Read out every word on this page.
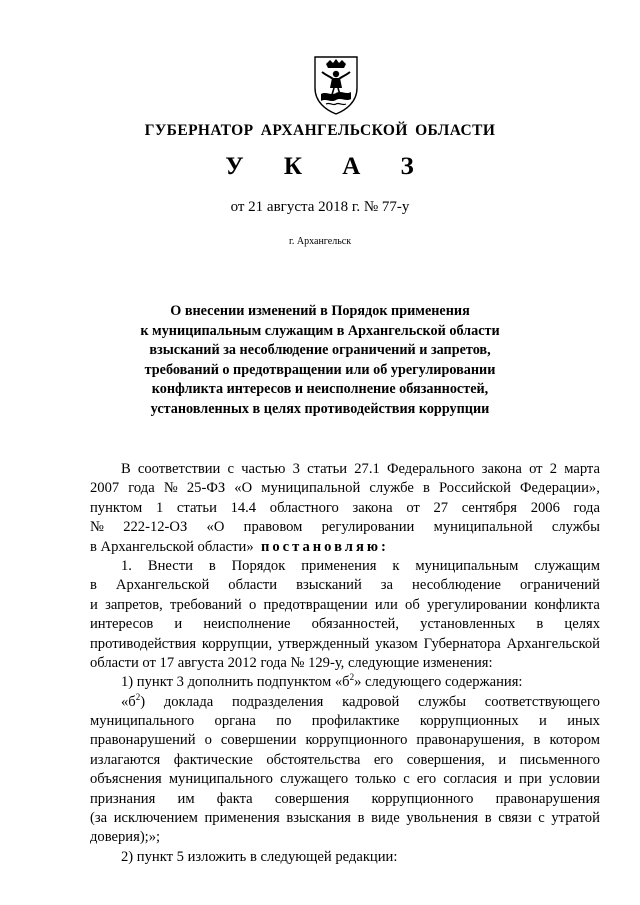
ГУБЕРНАТОР АРХАНГЕЛЬСКОЙ ОБЛАСТИ
У К А З
от 21 августа 2018 г. № 77-у
г. Архангельск
О внесении изменений в Порядок применения
к муниципальным служащим в Архангельской области
взысканий за несоблюдение ограничений и запретов,
требований о предотвращении или об урегулировании
конфликта интересов и неисполнение обязанностей,
установленных в целях противодействия коррупции
В соответствии с частью 3 статьи 27.1 Федерального закона от 2 марта
2007 года № 25-ФЗ «О муниципальной службе в Российской Федерации»,
пунктом 1 статьи 14.4 областного закона от 27 сентября 2006 года
№ 222-12-ОЗ «О правовом регулировании муниципальной службы
в Архангельской области» постановляю:
1. Внести в Порядок применения к муниципальным служащим
в Архангельской области взысканий за несоблюдение ограничений
и запретов, требований о предотвращении или об урегулировании конфликта
интересов и неисполнение обязанностей, установленных в целях
противодействия коррупции, утвержденный указом Губернатора Архангельской
области от 17 августа 2012 года № 129-у, следующие изменения:
1) пункт 3 дополнить подпунктом «$б^2$» следующего содержания:
«$б^2$) доклада подразделения кадровой службы соответствующего
муниципального органа по профилактике коррупционных и иных
правонарушений о совершении коррупционного правонарушения, в котором
излагаются фактические обстоятельства его совершения, и письменного
объяснения муниципального служащего только с его согласия и при условии
признания им факта совершения коррупционного правонарушения
(за исключением применения взыскания в виде увольнения в связи с утратой
доверия);»;
2) пункт 5 изложить в следующей редакции:
